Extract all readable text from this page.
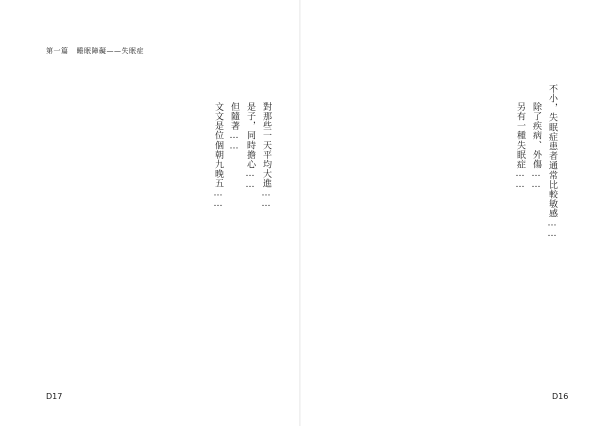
第一篇 睡眠障礙——失眠症

對那些一天平均大進……

是子，同時擔心……

但隨著……

文文是位個朝九晚五……

D17

不小，失眠症患者通常比較敏感……

除了疾病、外傷……

另有一種失眠症……

D16
